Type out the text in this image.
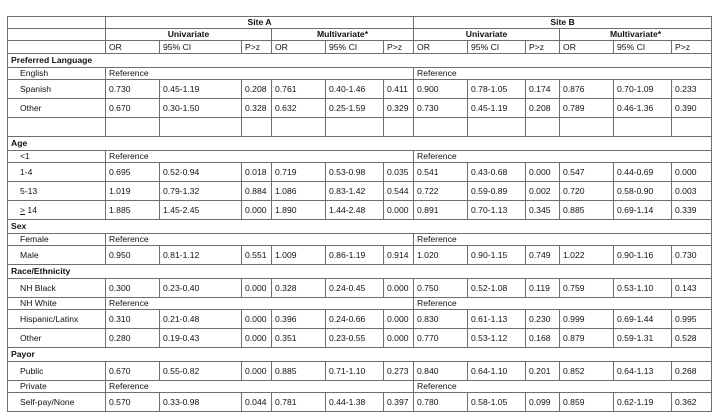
	Site A						Site B					
	Univariate			Multivariate*			Univariate			Multivariate*		
	OR	95% CI	P>z	OR	95% CI	P>z	OR	95% CI	P>z	OR	95% CI	P>z
Preferred Language												
English	Reference						Reference					
Spanish	0.730	0.45-1.19	0.208	0.761	0.40-1.46	0.411	0.900	0.78-1.05	0.174	0.876	0.70-1.09	0.233
Other	0.670	0.30-1.50	0.328	0.632	0.25-1.59	0.329	0.730	0.45-1.19	0.208	0.789	0.46-1.36	0.390

Age												
<1	Reference						Reference					
1-4	0.695	0.52-0.94	0.018	0.719	0.53-0.98	0.035	0.541	0.43-0.68	0.000	0.547	0.44-0.69	0.000
5-13	1.019	0.79-1.32	0.884	1.086	0.83-1.42	0.544	0.722	0.59-0.89	0.002	0.720	0.58-0.90	0.003
> 14	1.885	1.45-2.45	0.000	1.890	1.44-2.48	0.000	0.891	0.70-1.13	0.345	0.885	0.69-1.14	0.339
Sex												
Female	Reference						Reference					
Male	0.950	0.81-1.12	0.551	1.009	0.86-1.19	0.914	1.020	0.90-1.15	0.749	1.022	0.90-1.16	0.730
Race/Ethnicity												
NH Black	0.300	0.23-0.40	0.000	0.328	0.24-0.45	0.000	0.750	0.52-1.08	0.119	0.759	0.53-1.10	0.143
NH White	Reference						Reference					
Hispanic/Latinx	0.310	0.21-0.48	0.000	0.396	0.24-0.66	0.000	0.830	0.61-1.13	0.230	0.999	0.69-1.44	0.995
Other	0.280	0.19-0.43	0.000	0.351	0.23-0.55	0.000	0.770	0.53-1.12	0.168	0.879	0.59-1.31	0.528
Payor												
Public	0.670	0.55-0.82	0.000	0.885	0.71-1.10	0.273	0.840	0.64-1.10	0.201	0.852	0.64-1.13	0.268
Private	Reference						Reference					
Self-pay/None	0.570	0.33-0.98	0.044	0.781	0.44-1.38	0.397	0.780	0.58-1.05	0.099	0.859	0.62-1.19	0.362
